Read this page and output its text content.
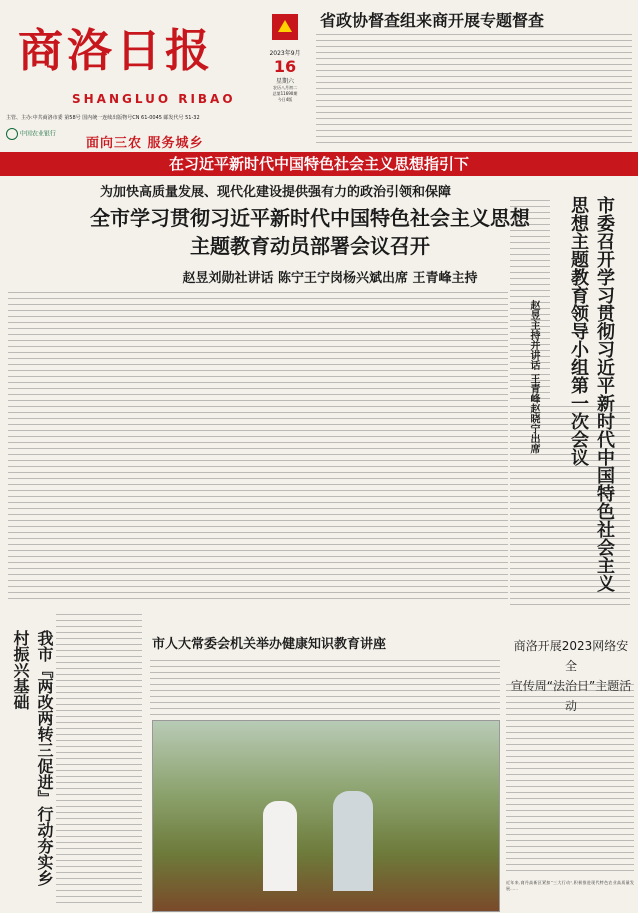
商洛日报
SHANGLUO RIBAO
主管、主办:中共商洛市委 第58号 国内统一连续出版物号CN 61-0045 邮发代号 51-32
中国农业银行
面向三农 服务城乡
2023年9月
16
星期六
农历八月初二
总第11690期
今日4版
省政协督查组来商开展专题督查
在习近平新时代中国特色社会主义思想指引下
为加快高质量发展、现代化建设提供强有力的政治引领和保障
全市学习贯彻习近平新时代中国特色社会主义思想
主题教育动员部署会议召开
赵昱刘勋社讲话 陈宁王宁岗杨兴斌出席 王青峰主持	市委召开学习贯彻习近平新时代中国特色社会主义思想主题教育领导小组第一次会议
赵昱主持并讲话 王青峰赵晓宁出席
我市『两改两转三促进』行动夯实乡村振兴基础	市人大常委会机关举办健康知识教育讲座	商洛开展2023网络安全
宣传周“法治日”主题活动
近年来,商丹高新区紧扣“三大行动”,积极推进现代特色农业高质量发展……
